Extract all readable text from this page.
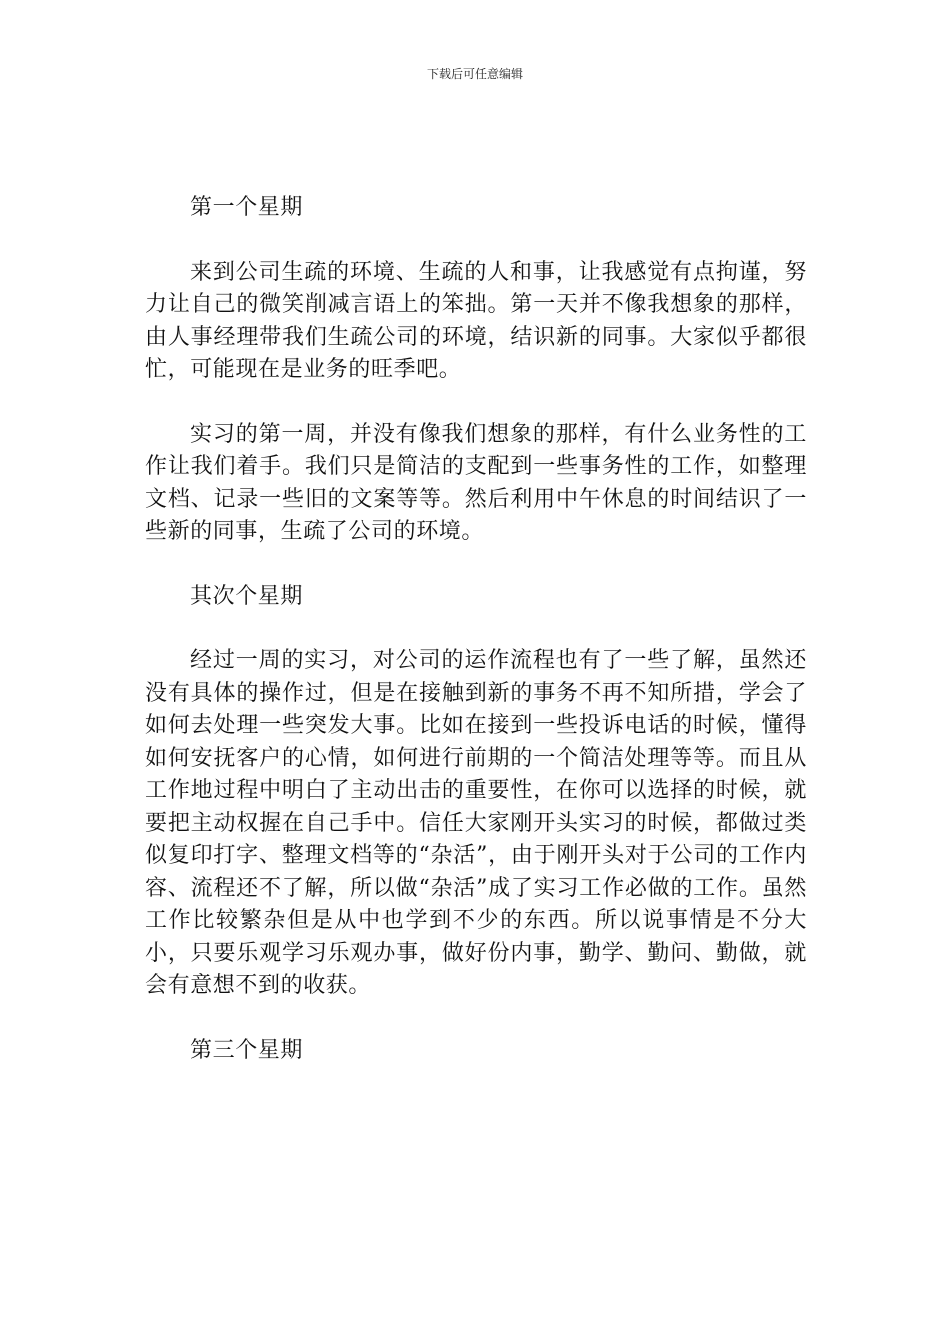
下载后可任意编辑

第一个星期

来到公司生疏的环境、生疏的人和事，让我感觉有点拘谨，努力让自己的微笑削减言语上的笨拙。第一天并不像我想象的那样，由人事经理带我们生疏公司的环境，结识新的同事。大家似乎都很忙，可能现在是业务的旺季吧。

实习的第一周，并没有像我们想象的那样，有什么业务性的工作让我们着手。我们只是简洁的支配到一些事务性的工作，如整理文档、记录一些旧的文案等等。然后利用中午休息的时间结识了一些新的同事，生疏了公司的环境。

其次个星期

经过一周的实习，对公司的运作流程也有了一些了解，虽然还没有具体的操作过，但是在接触到新的事务不再不知所措，学会了如何去处理一些突发大事。比如在接到一些投诉电话的时候，懂得如何安抚客户的心情，如何进行前期的一个简洁处理等等。而且从工作地过程中明白了主动出击的重要性，在你可以选择的时候，就要把主动权握在自己手中。信任大家刚开头实习的时候，都做过类似复印打字、整理文档等的“杂活”，由于刚开头对于公司的工作内容、流程还不了解，所以做“杂活”成了实习工作必做的工作。虽然工作比较繁杂但是从中也学到不少的东西。所以说事情是不分大小，只要乐观学习乐观办事，做好份内事，勤学、勤问、勤做，就会有意想不到的收获。

第三个星期
